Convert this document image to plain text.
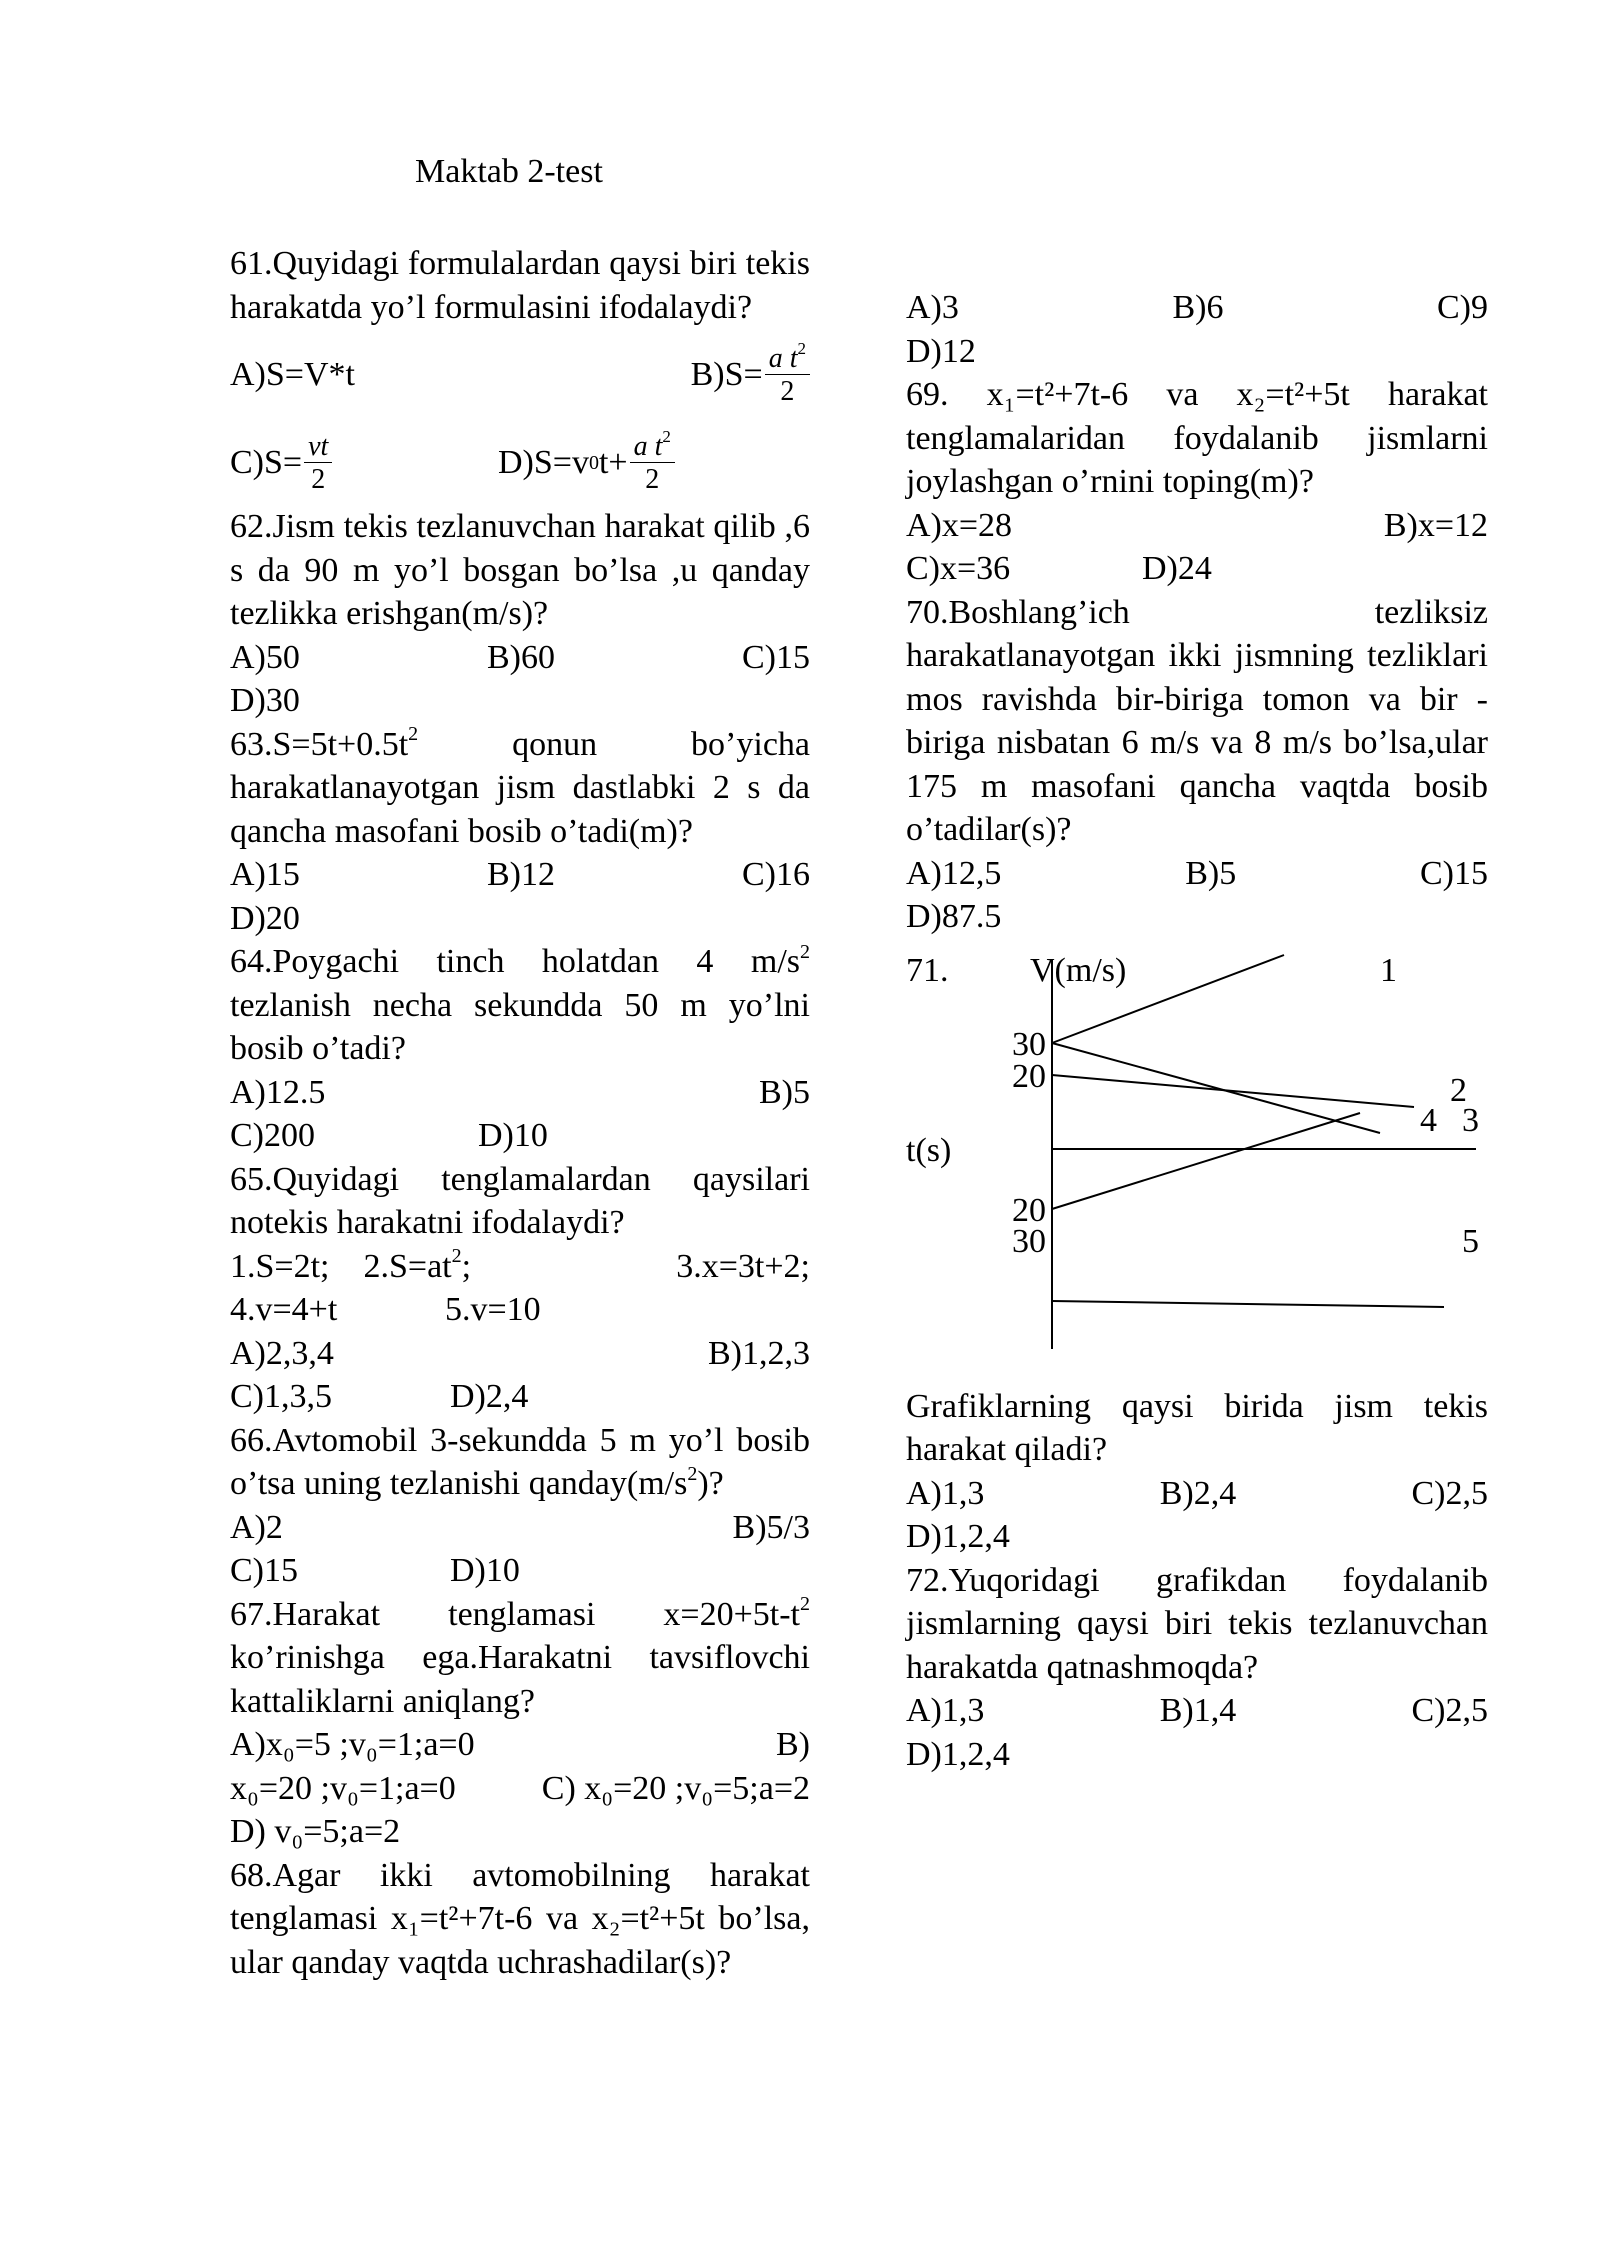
Maktab 2-test

61.Quyidagi formulalardan qaysi biri tekis harakatda yo’l formulasini ifodalaydi?

A)S=V*t	$B)S= \frac{a t^2}{2}$
$C)S= \frac{vt}{2}$	D)S=v 0 $t+ \frac{a t^2}{2}$

62.Jism tekis tezlanuvchan harakat qilib ,6 s da 90 m yo’l bosgan bo’lsa ,u qanday tezlikka erishgan(m/s)?

A)50	B)60	C)15
D)30

$63.S=5t+0.5t^2$ qonun bo’yicha harakatlanayotgan jism dastlabki 2 s da qancha masofani bosib o’tadi(m)?

A)15	B)12	C)16
D)20

64.Poygachi tinch holatdan 4 $m/s^2$ tezlanish necha sekundda 50 m yo’lni bosib o’tadi?

A)12.5	B)5
C)200	D)10

65.Quyidagi tenglamalardan qaysilari notekis harakatni ifodalaydi?

1.S=2t; $2.S=at^2$;	3.x=3t+2;
4.v=4+t	5.v=10
A)2,3,4	B)1,2,3
C)1,3,5	D)2,4

66.Avtomobil 3-sekundda 5 m yo’l bosib o’tsa uning tezlanishi $qanday(m/s^2)$?

A)2	B)5/3
C)15	D)10

67.Harakat tenglamasi $x=20+5t-t^2$ ko’rinishga ega.Harakatni tavsiflovchi kattaliklarni aniqlang?

A)x₀=5 ;v₀=1;a=0	B)
x₀=20 ;v₀=1;a=0	C) x₀=20 ;v₀=5;a=2
D) v₀=5;a=2

68.Agar ikki avtomobilning harakat tenglamasi x₁=t²+7t-6 va x₂=t²+5t bo’lsa, ular qanday vaqtda uchrashadilar(s)?

A)3	B)6	C)9
D)12

69. x₁=t²+7t-6 va x₂=t²+5t harakat tenglamalaridan foydalanib jismlarni joylashgan o’rnini toping(m)?

A)x=28	B)x=12
C)x=36	D)24

70.Boshlang’ich tezliksiz harakatlanayotgan ikki jismning tezliklari mos ravishda bir-biriga tomon va bir -biriga nisbatan 6 m/s va 8 m/s bo’lsa,ular 175 m masofani qancha vaqtda bosib o’tadilar(s)?

A)12,5	B)5	C)15
D)87.5
71. V(m/s)	1
30
20	2
4 3
t(s)
20
30	5

Grafiklarning qaysi birida jism tekis harakat qiladi?

A)1,3	B)2,4	C)2,5
D)1,2,4

72.Yuqoridagi grafikdan foydalanib jismlarning qaysi biri tekis tezlanuvchan harakatda qatnashmoqda?

A)1,3	B)1,4	C)2,5
D)1,2,4
